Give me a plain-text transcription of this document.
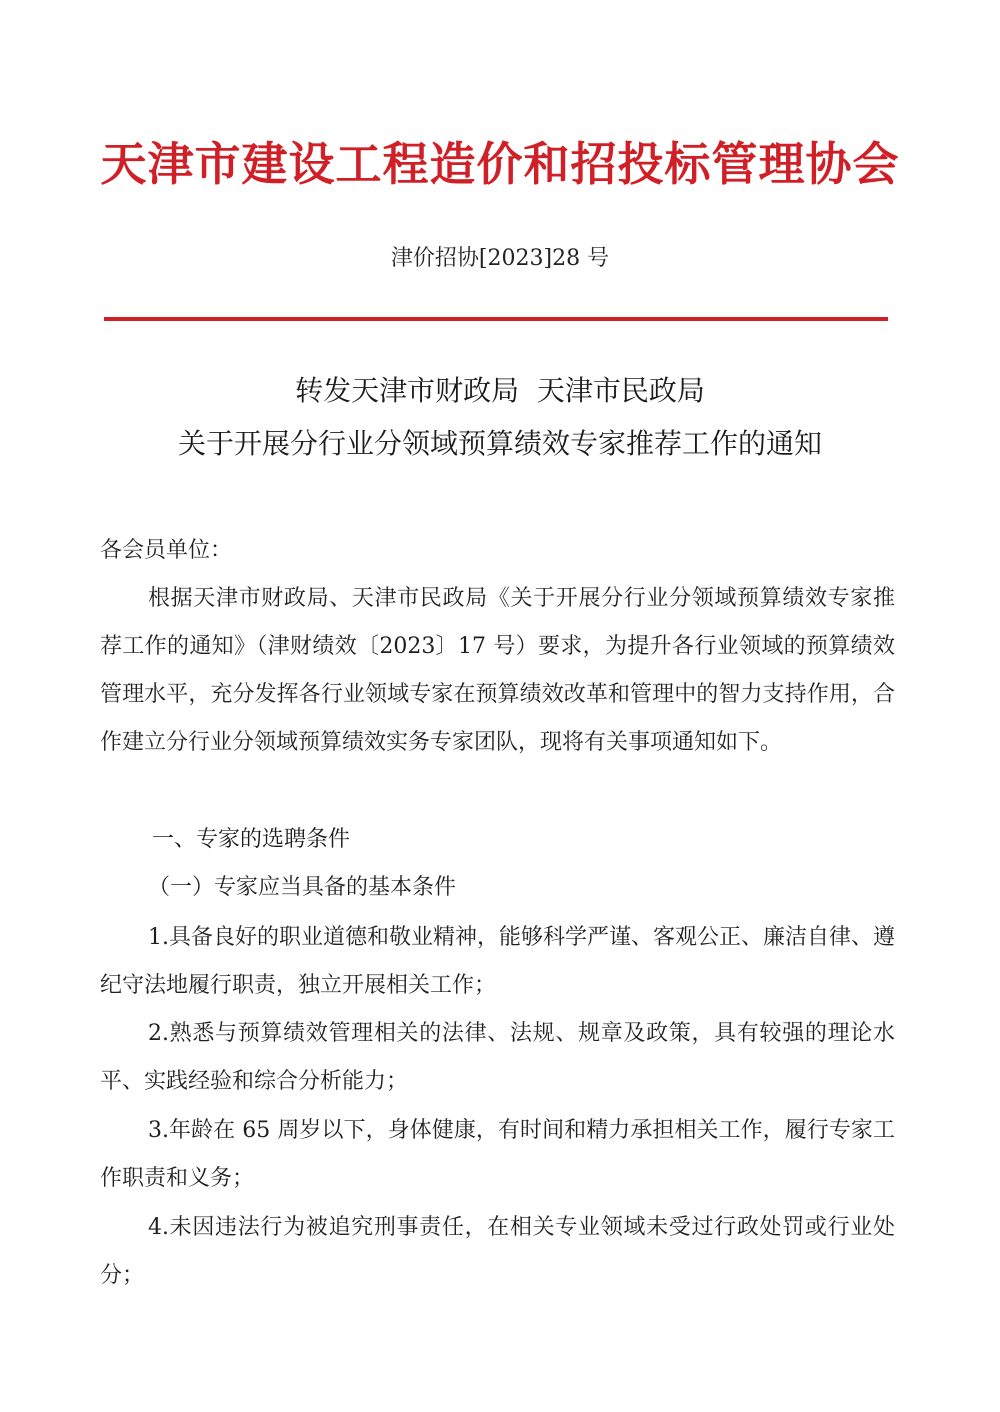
天津市建设工程造价和招投标管理协会
津价招协[2023]28 号
转发天津市财政局  天津市民政局
关于开展分行业分领域预算绩效专家推荐工作的通知
各会员单位：
根据天津市财政局、天津市民政局《关于开展分行业分领域预算绩效专家推荐工作的通知》（津财绩效〔2023〕17 号）要求，为提升各行业领域的预算绩效管理水平，充分发挥各行业领域专家在预算绩效改革和管理中的智力支持作用，合作建立分行业分领域预算绩效实务专家团队，现将有关事项通知如下。
一、专家的选聘条件
（一）专家应当具备的基本条件
1.具备良好的职业道德和敬业精神，能够科学严谨、客观公正、廉洁自律、遵纪守法地履行职责，独立开展相关工作；
2.熟悉与预算绩效管理相关的法律、法规、规章及政策，具有较强的理论水平、实践经验和综合分析能力；
3.年龄在 65 周岁以下，身体健康，有时间和精力承担相关工作，履行专家工作职责和义务；
4.未因违法行为被追究刑事责任，在相关专业领域未受过行政处罚或行业处分；
